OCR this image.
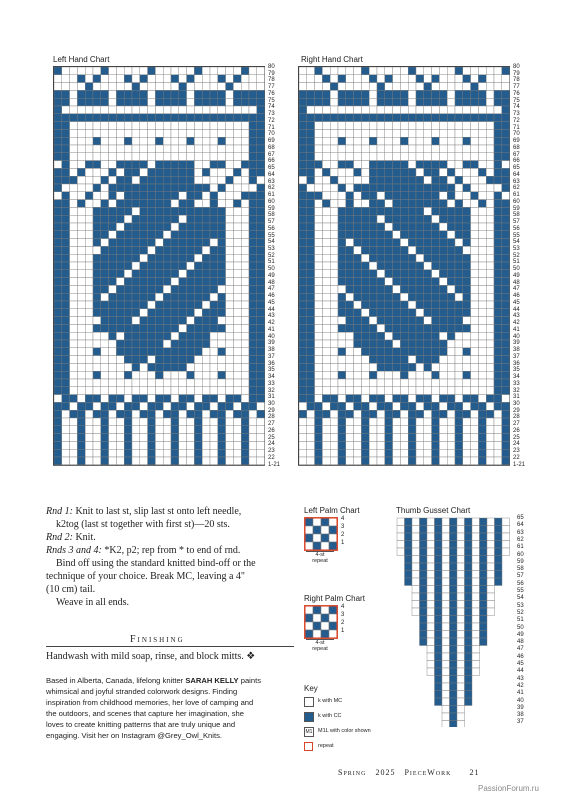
Left Hand Chart	Right Hand Chart
80
79
78
77
76
75
74
73
72
71
70
69
68
67
66
65
64
63
62
61
60
59
58
57
56
55
54
53
52
51
50
49
48
47
46
45
44
43
42
41
40
39
38
37
36
35
34
33
32
31
30
29
28
27
26
25
24
23
22
1-21
80
79
78
77
76
75
74
73
72
71
70
69
68
67
66
65
64
63
62
61
60
59
58
57
56
55
54
53
52
51
50
49
48
47
46
45
44
43
42
41
40
39
38
37
36
35
34
33
32
31
30
29
28
27
26
25
24
23
22
1-21
Rnd 1: Knit to last st, slip last st onto left needle,
k2tog (last st together with first st)—20 sts.
Rnd 2: Knit.
Rnds 3 and 4: *K2, p2; rep from * to end of rnd.
Bind off using the standard knitted bind-off or the
technique of your choice. Break MC, leaving a 4"
(10 cm) tail.
Weave in all ends.
Finishing
Handwash with mild soap, rinse, and block mitts. ❖
Based in Alberta, Canada, lifelong knitter SARAH KELLY paints
whimsical and joyful stranded colorwork designs. Finding
inspiration from childhood memories, her love of camping and
the outdoors, and scenes that capture her imagination, she
loves to create knitting patterns that are truly unique and
engaging. Visit her on Instagram @Grey_Owl_Knits.
Left Palm Chart
4
3
2
1
4-st
repeat
Right Palm Chart
4
3
2
1
4-st
repeat
Key
k with MC
k with CC
M1 M1L with color shown
repeat
Thumb Gusset Chart
65
64
63
62
61
60
59
58
57
56
55
54
53
52
51
50
49
48
47
46
45
44
43
42
41
40
39
38
37
Spring 2025 PieceWork 21
PassionForum.ru
